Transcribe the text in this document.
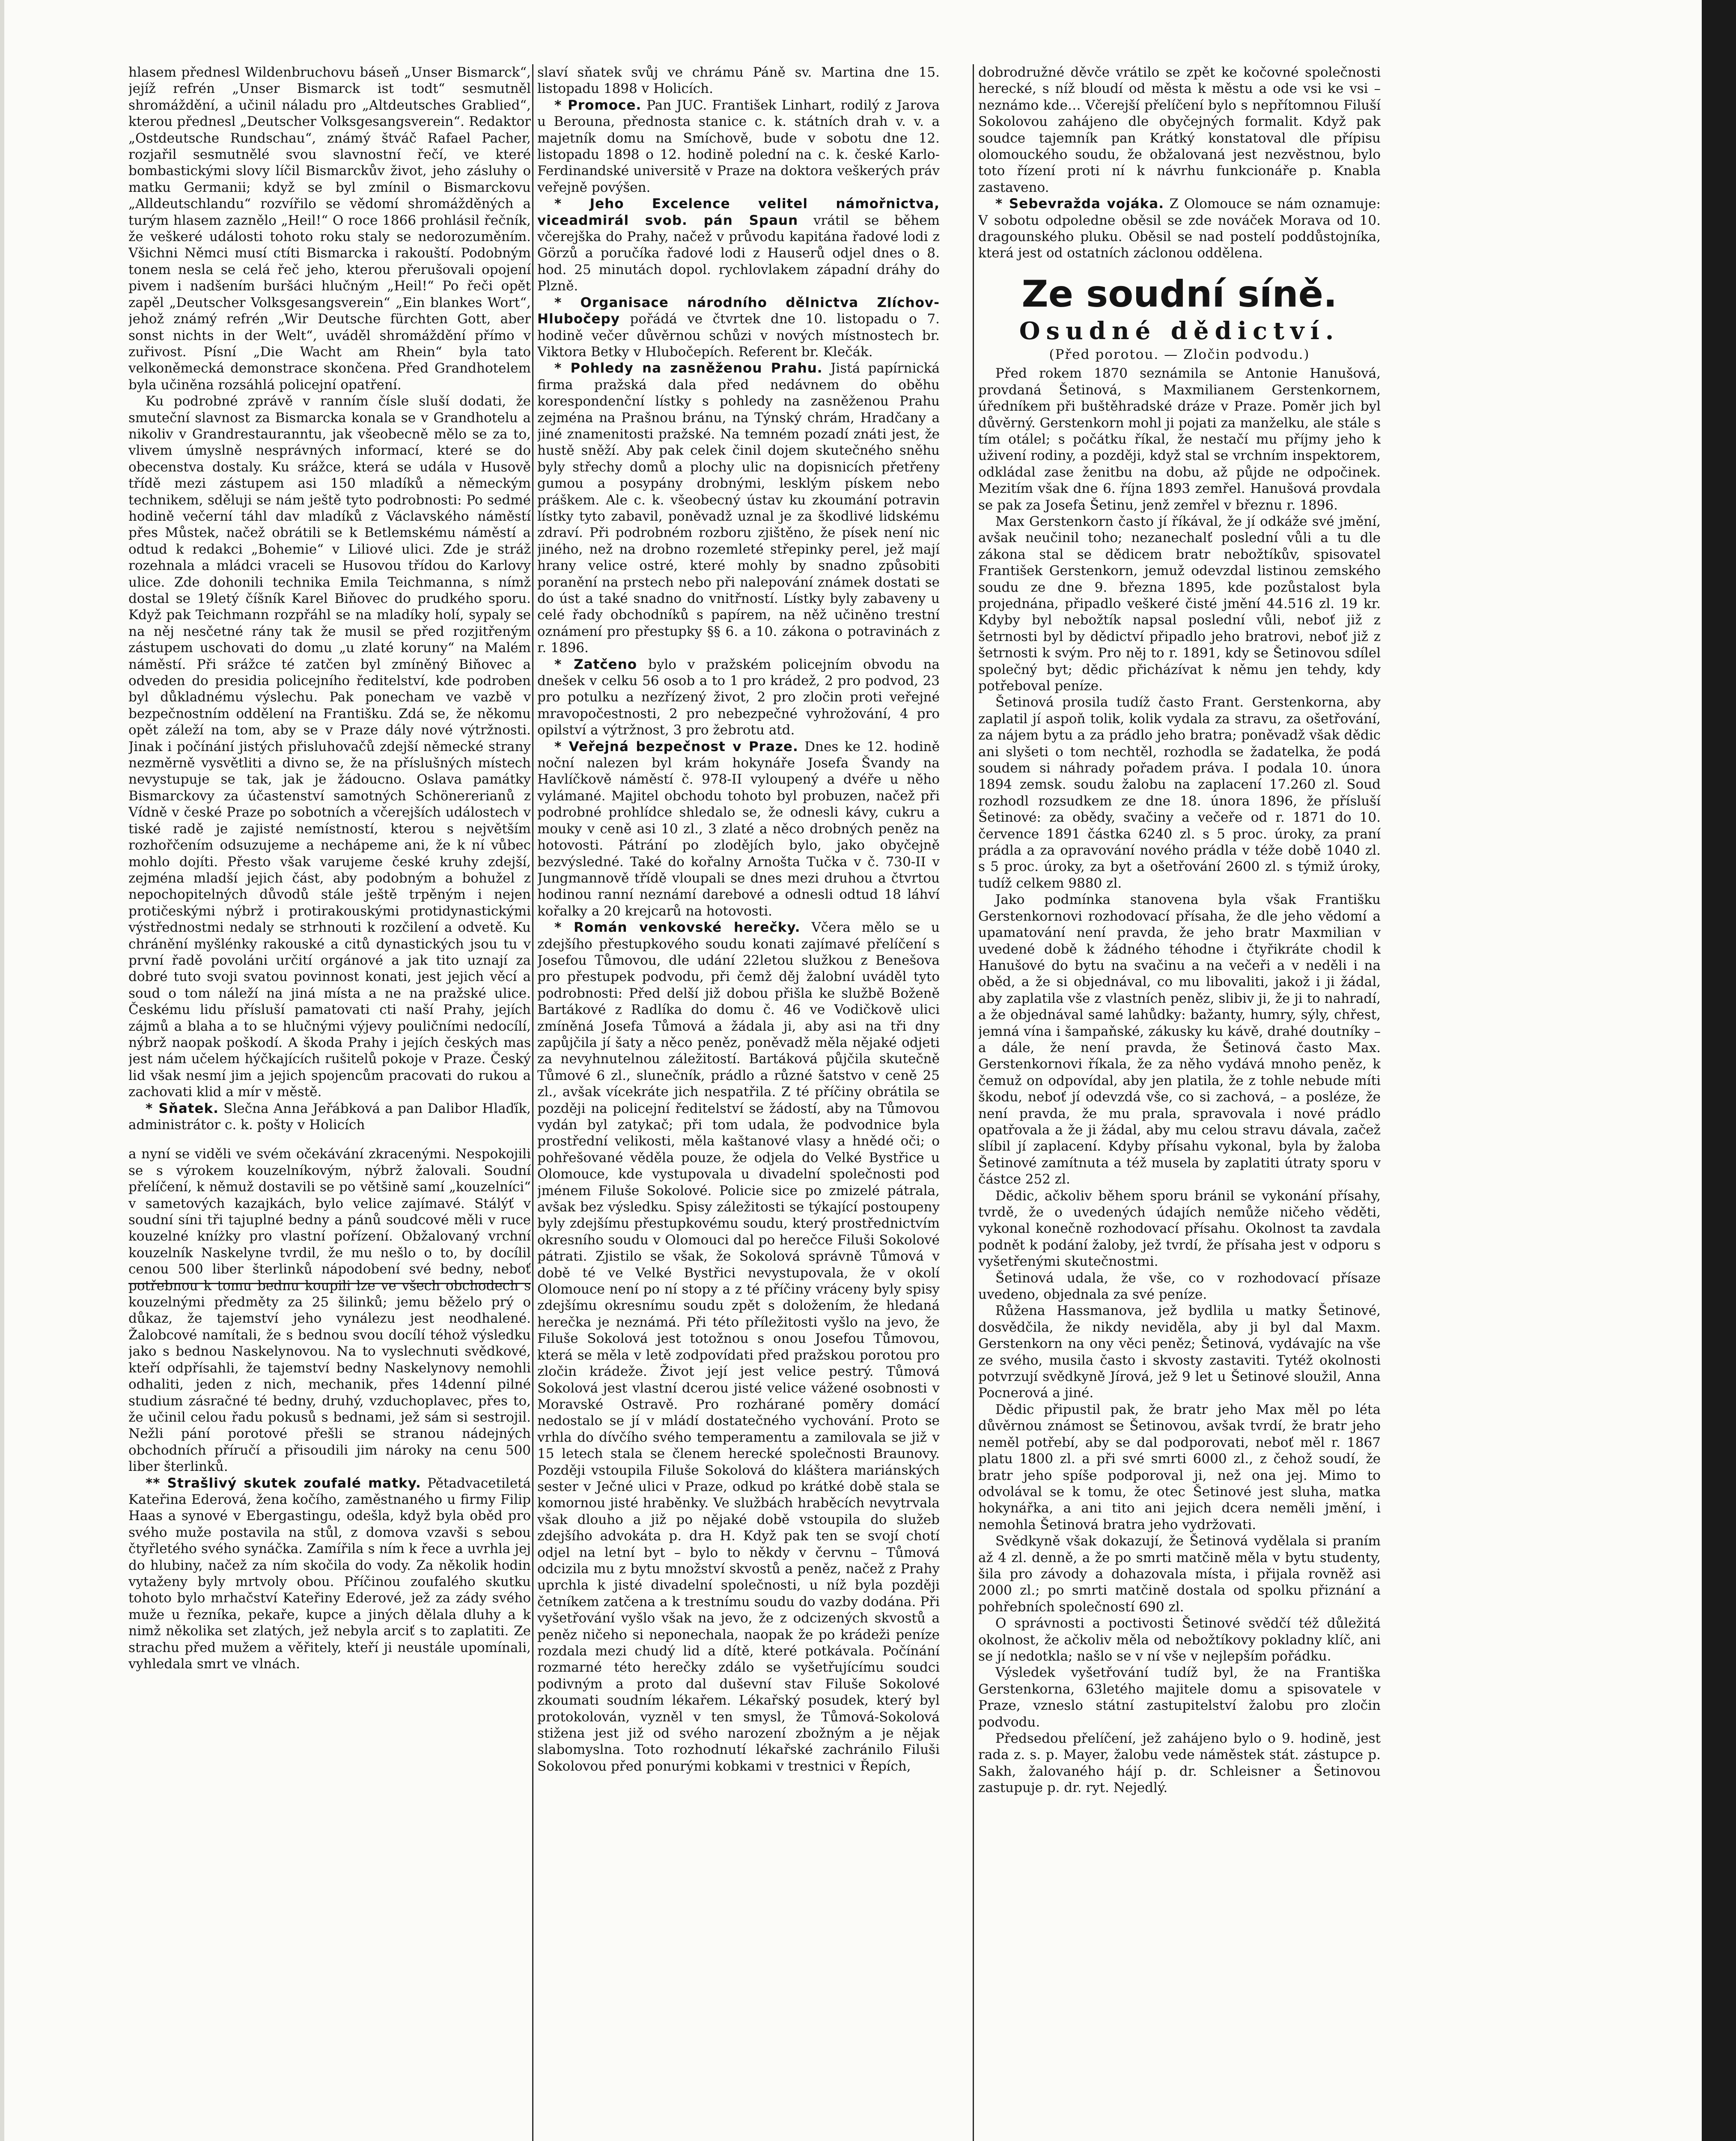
hlasem přednesl Wildenbruchovu báseň „Unser Bismarck“, jejíž refrén „Unser Bismarck ist todt“ sesmutněl shromáždění, a učinil náladu pro „Altdeutsches Grablied“, kterou přednesl „Deutscher Volksgesangsverein“. Redaktor „Ostdeutsche Rundschau“, známý štváč Rafael Pacher, rozjařil sesmutnělé svou slavnostní řečí, ve které bombastickými slovy líčil Bismarckův život, jeho zásluhy o matku Germanii; když se byl zmínil o Bismarckovu „Alldeutschlandu“ rozvířilo se vědomí shromážděných a turým hlasem zaznělo „Heil!“ O roce 1866 prohlásil řečník, že veškeré události tohoto roku staly se nedorozuměním. Všichni Němci musí ctíti Bismarcka i rakouští. Podobným tonem nesla se celá řeč jeho, kterou přerušovali opojení pivem i nadšením buršáci hlučným „Heil!“ Po řeči opět zapěl „Deutscher Volksgesangsverein“ „Ein blankes Wort“, jehož známý refrén „Wir Deutsche fürchten Gott, aber sonst nichts in der Welt“, uváděl shromáždění přímo v zuřivost. Písní „Die Wacht am Rhein“ byla tato velkoněmecká demonstrace skončena. Před Grandhotelem byla učiněna rozsáhlá policejní opatření.

Ku podrobné zprávě v ranním čísle sluší dodati, že smuteční slavnost za Bismarcka konala se v Grandhotelu a nikoliv v Grandrestauranntu, jak všeobecně mělo se za to, vlivem úmyslně nesprávných informací, které se do obecenstva dostaly. Ku srážce, která se udála v Husově třídě mezi zástupem asi 150 mladíků a německým technikem, sděluji se nám ještě tyto podrobnosti: Po sedmé hodině večerní táhl dav mladíků z Václavského náměstí přes Můstek, načež obrátili se k Betlemskému náměstí a odtud k redakci „Bohemie“ v Liliové ulici. Zde je stráž rozehnala a mládci vraceli se Husovou třídou do Karlovy ulice. Zde dohonili technika Emila Teichmanna, s nímž dostal se 19letý číšník Karel Biňovec do prudkého sporu. Když pak Teichmann rozpřáhl se na mladíky holí, sypaly se na něj nesčetné rány tak že musil se před rozjitřeným zástupem uschovati do domu „u zlaté koruny“ na Malém náměstí. Při srážce té zatčen byl zmíněný Biňovec a odveden do presidia policejního ředitelství, kde podroben byl důkladnému výslechu. Pak ponecham ve vazbě v bezpečnostním oddělení na Františku. Zdá se, že někomu opět záleží na tom, aby se v Praze dály nové výtržnosti. Jinak i počínání jistých přisluhovačů zdejší německé strany nezměrně vysvětliti a divno se, že na příslušných místech nevystupuje se tak, jak je žádoucno. Oslava památky Bismarckovy za účastenství samotných Schönererianů z Vídně v české Praze po sobotních a včerejších událostech v tiské radě je zajisté nemístností, kterou s největším rozhořčením odsuzujeme a nechápeme ani, že k ní vůbec mohlo dojíti. Přesto však varujeme české kruhy zdejší, zejména mladší jejich část, aby podobným a bohužel z nepochopitelných důvodů stále ještě trpěným i nejen protičeskými nýbrž i protirakouskými protidynastickými výstřednostmi nedaly se strhnouti k rozčilení a odvetě. Ku chránění myšlénky rakouské a citů dynastických jsou tu v první řadě povoláni určití orgánové a jak tito uznají za dobré tuto svoji svatou povinnost konati, jest jejich věcí a soud o tom náleží na jiná místa a ne na pražské ulice. Českému lidu přísluší pamatovati cti naší Prahy, jejích zájmů a blaha a to se hlučnými výjevy pouličními nedocílí, nýbrž naopak poškodí. A škoda Prahy i jejích českých mas jest nám učelem hýčkajících rušitelů pokoje v Praze. Český lid však nesmí jim a jejich spojencům pracovati do rukou a zachovati klid a mír v městě.

* Sňatek. Slečna Anna Jeřábková a pan Dalibor Hlaďík, administrátor c. k. pošty v Holicích

a nyní se viděli ve svém očekávání zkracenými. Nespokojili se s výrokem kouzelníkovým, nýbrž žalovali. Soudní přelíčení, k němuž dostavili se po většině samí „kouzelníci“ v sametových kazajkách, bylo velice zajímavé. Stálýť v soudní síni tři tajuplné bedny a pánů soudcové měli v ruce kouzelné kníżky pro vlastní pořízení. Obžalovaný vrchní kouzelník Naskelyne tvrdil, že mu nešlo o to, by docílil cenou 500 liber šterlinků nápodobení své bedny, neboť potřebnou k tomu bednu koupili lze ve všech obchodech s kouzelnými předměty za 25 šilinků; jemu běželo prý o důkaz, že tajemství jeho vynálezu jest neodhalené. Žalobcové namítali, že s bednou svou docílí téhož výsledku jako s bednou Naskelynovou. Na to vyslechnuti svědkové, kteří odpřísahli, že tajemství bedny Naskelynovy nemohli odhaliti, jeden z nich, mechanik, přes 14denní pilné studium zásračné té bedny, druhý, vzduchoplavec, přes to, že učinil celou řadu pokusů s bednami, jež sám si sestrojil. Nežli pání porotové přešli se stranou nádejných obchodních příručí a přisoudili jim nároky na cenu 500 liber šterlinků.

** Strašlivý skutek zoufalé matky. Pětadvacetiletá Kateřina Ederová, žena kočího, zaměstnaného u firmy Filip Haas a synové v Ebergastingu, odešla, když byla oběd pro svého muže postavila na stůl, z domova vzavši s sebou čtyřletého svého synáčka. Zamířila s ním k řece a uvrhla jej do hlubiny, načež za ním skočila do vody. Za několik hodin vytaženy byly mrtvoly obou. Příčinou zoufalého skutku tohoto bylo mrhačství Kateřiny Ederové, jež za zády svého muže u řezníka, pekaře, kupce a jiných dělala dluhy a k nimž několika set zlatých, jež nebyla arciť s to zaplatiti. Ze strachu před mužem a věřitely, kteří ji neustále upomínali, vyhledala smrt ve vlnách.

slaví sňatek svůj ve chrámu Páně sv. Martina dne 15. listopadu 1898 v Holicích.

* Promoce. Pan JUC. František Linhart, rodilý z Jarova u Berouna, přednosta stanice c. k. státních drah v. v. a majetník domu na Smíchově, bude v sobotu dne 12. listopadu 1898 o 12. hodině polední na c. k. české Karlo-Ferdinandské universitě v Praze na doktora veškerých práv veřejně povýšen.

* Jeho Excelence velitel námořnictva, viceadmirál svob. pán Spaun vrátil se během včerejška do Prahy, načež v průvodu kapitána řadové lodi z Görzů a poručíka řadové lodi z Hauserů odjel dnes o 8. hod. 25 minutách dopol. rychlovlakem západní dráhy do Plzně.

* Organisace národního dělnictva Zlíchov-Hlubočepy pořádá ve čtvrtek dne 10. listopadu o 7. hodině večer důvěrnou schůzi v nových místnostech br. Viktora Betky v Hlubočepích. Referent br. Klečák.

* Pohledy na zasněženou Prahu. Jistá papírnická firma pražská dala před nedávnem do oběhu korespondenční lístky s pohledy na zasněženou Prahu zejména na Prašnou bránu, na Týnský chrám, Hradčany a jiné znamenitosti pražské. Na temném pozadí znáti jest, že hustě sněží. Aby pak celek činil dojem skutečného sněhu byly střechy domů a plochy ulic na dopisnicích přetřeny gumou a posypány drobnými, lesklým pískem nebo práškem. Ale c. k. všeobecný ústav ku zkoumání potravin lístky tyto zabavil, poněvadž uznal je za škodlivé lidskému zdraví. Při podrobném rozboru zjištěno, že písek není nic jiného, než na drobno rozemleté střepinky perel, jež mají hrany velice ostré, které mohly by snadno způsobiti poranění na prstech nebo při nalepování známek dostati se do úst a také snadno do vnitřností. Lístky byly zabaveny u celé řady obchodníků s papírem, na něž učiněno trestní oznámení pro přestupky §§ 6. a 10. zákona o potravinách z r. 1896.

* Zatčeno bylo v pražském policejním obvodu na dnešek v celku 56 osob a to 1 pro krádež, 2 pro podvod, 23 pro potulku a nezřízený život, 2 pro zločin proti veřejné mravopočestnosti, 2 pro nebezpečné vyhrožování, 4 pro opilství a výtržnost, 3 pro žebrotu atd.

* Veřejná bezpečnost v Praze. Dnes ke 12. hodině noční nalezen byl krám hokynáře Josefa Švandy na Havlíčkově náměstí č. 978-II vyloupený a dvéře u něho vylámané. Majitel obchodu tohoto byl probuzen, načež při podrobné prohlídce shledalo se, že odnesli kávy, cukru a mouky v ceně asi 10 zl., 3 zlaté a něco drobných peněz na hotovosti. Pátrání po zlodějích bylo, jako obyčejně bezvýsledné. Také do kořalny Arnošta Tučka v č. 730-II v Jungmannově třídě vloupali se dnes mezi druhou a čtvrtou hodinou ranní neznámí darebové a odnesli odtud 18 láhví kořalky a 20 krejcarů na hotovosti.

* Román venkovské herečky. Včera mělo se u zdejšího přestupkového soudu konati zajímavé přelíčení s Josefou Tůmovou, dle udání 22letou služkou z Benešova pro přestupek podvodu, při čemž děj žalobní uváděl tyto podrobnosti: Před delší již dobou přišla ke službě Boženě Bartákové z Radlíka do domu č. 46 ve Vodičkově ulici zmíněná Josefa Tůmová a žádala ji, aby asi na tři dny zapůjčila jí šaty a něco peněz, poněvadž měla nějaké odjeti za nevyhnutelnou záležitostí. Bartáková půjčila skutečně Tůmové 6 zl., slunečník, prádlo a různé šatstvo v ceně 25 zl., avšak vícekráte jich nespatřila. Z té příčiny obrátila se později na policejní ředitelství se žádostí, aby na Tůmovou vydán byl zatykač; při tom udala, že podvodnice byla prostřední velikosti, měla kaštanové vlasy a hnědé oči; o pohřešované věděla pouze, že odjela do Velké Bystřice u Olomouce, kde vystupovala u divadelní společnosti pod jménem Filuše Sokolové. Policie sice po zmizelé pátrala, avšak bez výsledku. Spisy záležitosti se týkající postoupeny byly zdejšímu přestupkovému soudu, který prostřednictvím okresního soudu v Olomouci dal po herečce Filuši Sokolové pátrati. Zjistilo se však, že Sokolová správně Tůmová v době té ve Velké Bystřici nevystupovala, že v okolí Olomouce není po ní stopy a z té příčiny vráceny byly spisy zdejšímu okresnímu soudu zpět s doložením, že hledaná herečka je neznámá. Při této příležitosti vyšlo na jevo, že Filuše Sokolová jest totožnou s onou Josefou Tůmovou, která se měla v letě zodpovídati před pražskou porotou pro zločin krádeže. Život její jest velice pestrý. Tůmová Sokolová jest vlastní dcerou jisté velice vážené osobnosti v Moravské Ostravě. Pro rozhárané poměry domácí nedostalo se jí v mládí dostatečného vychování. Proto se vrhla do dívčího svého temperamentu a zamilovala se již v 15 letech stala se členem herecké společnosti Braunovy. Později vstoupila Filuše Sokolová do kláštera mariánských sester v Ječné ulici v Praze, odkud po krátké době stala se komornou jisté hraběnky. Ve službách hraběcích nevytrvala však dlouho a již po nějaké době vstoupila do služeb zdejšího advokáta p. dra H. Když pak ten se svojí chotí odjel na letní byt – bylo to někdy v červnu – Tůmová odcizila mu z bytu množství skvostů a peněz, načež z Prahy uprchla k jisté divadelní společnosti, u níž byla později četníkem zatčena a k trestnímu soudu do vazby dodána. Při vyšetřování vyšlo však na jevo, že z odcizených skvostů a peněz ničeho si neponechala, naopak že po krádeži peníze rozdala mezi chudý lid a dítě, které potkávala. Počínání rozmarné této herečky zdálo se vyšetřujícímu soudci podivným a proto dal duševní stav Filuše Sokolové zkoumati soudním lékařem. Lékařský posudek, který byl protokolován, vyzněl v ten smysl, že Tůmová-Sokolová stižena jest již od svého narození zbožným a je nějak slabomyslna. Toto rozhodnutí lékařské zachránilo Filuši Sokolovou před ponurými kobkami v trestnici v Řepích,

dobrodružné děvče vrátilo se zpět ke kočovné společnosti herecké, s níž bloudí od města k městu a ode vsi ke vsi – neznámo kde… Včerejší přelíčení bylo s nepřítomnou Filuší Sokolovou zahájeno dle obyčejných formalit. Když pak soudce tajemník pan Krátký konstatoval dle přípisu olomouckého soudu, že obžalovaná jest nezvěstnou, bylo toto řízení proti ní k návrhu funkcionáře p. Knabla zastaveno.

* Sebevražda vojáka. Z Olomouce se nám oznamuje: V sobotu odpoledne oběsil se zde nováček Morava od 10. dragounského pluku. Oběsil se nad postelí poddůstojníka, která jest od ostatních záclonou oddělena.

Ze soudní síně.
Osudné dědictví.

(Před porotou. — Zločin podvodu.)

Před rokem 1870 seznámila se Antonie Hanušová, provdaná Šetinová, s Maxmilianem Gerstenkornem, úředníkem při buštěhradské dráze v Praze. Poměr jich byl důvěrný. Gerstenkorn mohl ji pojati za manželku, ale stále s tím otálel; s počátku říkal, že nestačí mu příjmy jeho k uživení rodiny, a později, když stal se vrchním inspektorem, odkládal zase ženitbu na dobu, až půjde ne odpočinek. Mezitím však dne 6. října 1893 zemřel. Hanušová provdala se pak za Josefa Šetinu, jenž zemřel v březnu r. 1896.

Max Gerstenkorn často jí říkával, že jí odkáže své jmění, avšak neučinil toho; nezanechalť poslední vůli a tu dle zákona stal se dědicem bratr nebožtíkův, spisovatel František Gerstenkorn, jemuž odevzdal listinou zemského soudu ze dne 9. března 1895, kde pozůstalost byla projednána, připadlo veškeré čisté jmění 44.516 zl. 19 kr. Kdyby byl nebožtík napsal poslední vůli, neboť již z šetrnosti byl by dědictví připadlo jeho bratrovi, neboť již z šetrnosti k svým. Pro něj to r. 1891, kdy se Šetinovou sdílel společný byt; dědic přicházívat k němu jen tehdy, kdy potřeboval peníze.

Šetinová prosila tudíž často Frant. Gerstenkorna, aby zaplatil jí aspoň tolik, kolik vydala za stravu, za ošetřování, za nájem bytu a za prádlo jeho bratra; poněvadž však dědic ani slyšeti o tom nechtěl, rozhodla se žadatelka, že podá soudem si náhrady pořadem práva. I podala 10. února 1894 zemsk. soudu žalobu na zaplacení 17.260 zl. Soud rozhodl rozsudkem ze dne 18. února 1896, že přísluší Šetinové: za obědy, svačiny a večeře od r. 1871 do 10. července 1891 částka 6240 zl. s 5 proc. úroky, za praní prádla a za opravování nového prádla v téže době 1040 zl. s 5 proc. úroky, za byt a ošetřování 2600 zl. s týmiž úroky, tudíž celkem 9880 zl.

Jako podmínka stanovena byla však Františku Gerstenkornovi rozhodovací přísaha, že dle jeho vědomí a upamatování není pravda, že jeho bratr Maxmilian v uvedené době k žádného téhodne i čtyřikráte chodil k Hanušové do bytu na svačinu a na večeři a v neděli i na oběd, a že si objednával, co mu libovaliti, jakož i ji žádal, aby zaplatila vše z vlastních peněz, slibiv ji, že ji to nahradí, a že objednával samé lahůdky: bažanty, humry, sýly, chřest, jemná vína i šampaňské, zákusky ku kávě, drahé doutníky – a dále, že není pravda, že Šetinová často Max. Gerstenkornovi říkala, že za něho vydává mnoho peněz, k čemuž on odpovídal, aby jen platila, že z tohle nebude míti škodu, neboť jí odevzdá vše, co si zachová, – a posléze, že není pravda, že mu prala, spravovala i nové prádlo opatřovala a že ji žádal, aby mu celou stravu dávala, začež slíbil jí zaplacení. Kdyby přísahu vykonal, byla by žaloba Šetinové zamítnuta a též musela by zaplatiti útraty sporu v částce 252 zl.

Dědic, ačkoliv během sporu bránil se vykonání přísahy, tvrdě, že o uvedených údajích nemůže ničeho věděti, vykonal konečně rozhodovací přísahu. Okolnost ta zavdala podnět k podání žaloby, jež tvrdí, že přísaha jest v odporu s vyšetřenými skutečnostmi.

Šetinová udala, že vše, co v rozhodovací přísaze uvedeno, objednala za své peníze.

Růžena Hassmanova, jež bydlila u matky Šetinové, dosvědčila, že nikdy neviděla, aby ji byl dal Maxm. Gerstenkorn na ony věci peněz; Šetinová, vydávajíc na vše ze svého, musila často i skvosty zastaviti. Tytéž okolnosti potvrzují svědkyně Jírová, jež 9 let u Šetinové sloužil, Anna Pocnerová a jiné.

Dědic připustil pak, že bratr jeho Max měl po léta důvěrnou známost se Šetinovou, avšak tvrdí, že bratr jeho neměl potřebí, aby se dal podporovati, neboť měl r. 1867 platu 1800 zl. a při své smrti 6000 zl., z čehož soudí, že bratr jeho spíše podporoval ji, než ona jej. Mimo to odvolával se k tomu, že otec Šetinové jest sluha, matka hokynářka, a ani tito ani jejich dcera neměli jmění, i nemohla Šetinová bratra jeho vydržovati.

Svědkyně však dokazují, že Šetinová vydělala si praním až 4 zl. denně, a že po smrti matčině měla v bytu studenty, šila pro závody a dohazovala místa, i přijala rovněž asi 2000 zl.; po smrti matčině dostala od spolku přiznání a pohřebních společností 690 zl.

O správnosti a poctivosti Šetinové svědčí též důležitá okolnost, že ačkoliv měla od nebožtíkovy pokladny klíč, ani se jí nedotkla; našlo se v ní vše v nejlepším pořádku.

Výsledek vyšetřování tudíž byl, že na Františka Gerstenkorna, 63letého majitele domu a spisovatele v Praze, vzneslo státní zastupitelství žalobu pro zločin podvodu.

Předsedou přelíčení, jež zahájeno bylo o 9. hodině, jest rada z. s. p. Mayer, žalobu vede náměstek stát. zástupce p. Sakh, žalovaného hájí p. dr. Schleisner a Šetinovou zastupuje p. dr. ryt. Nejedlý.
